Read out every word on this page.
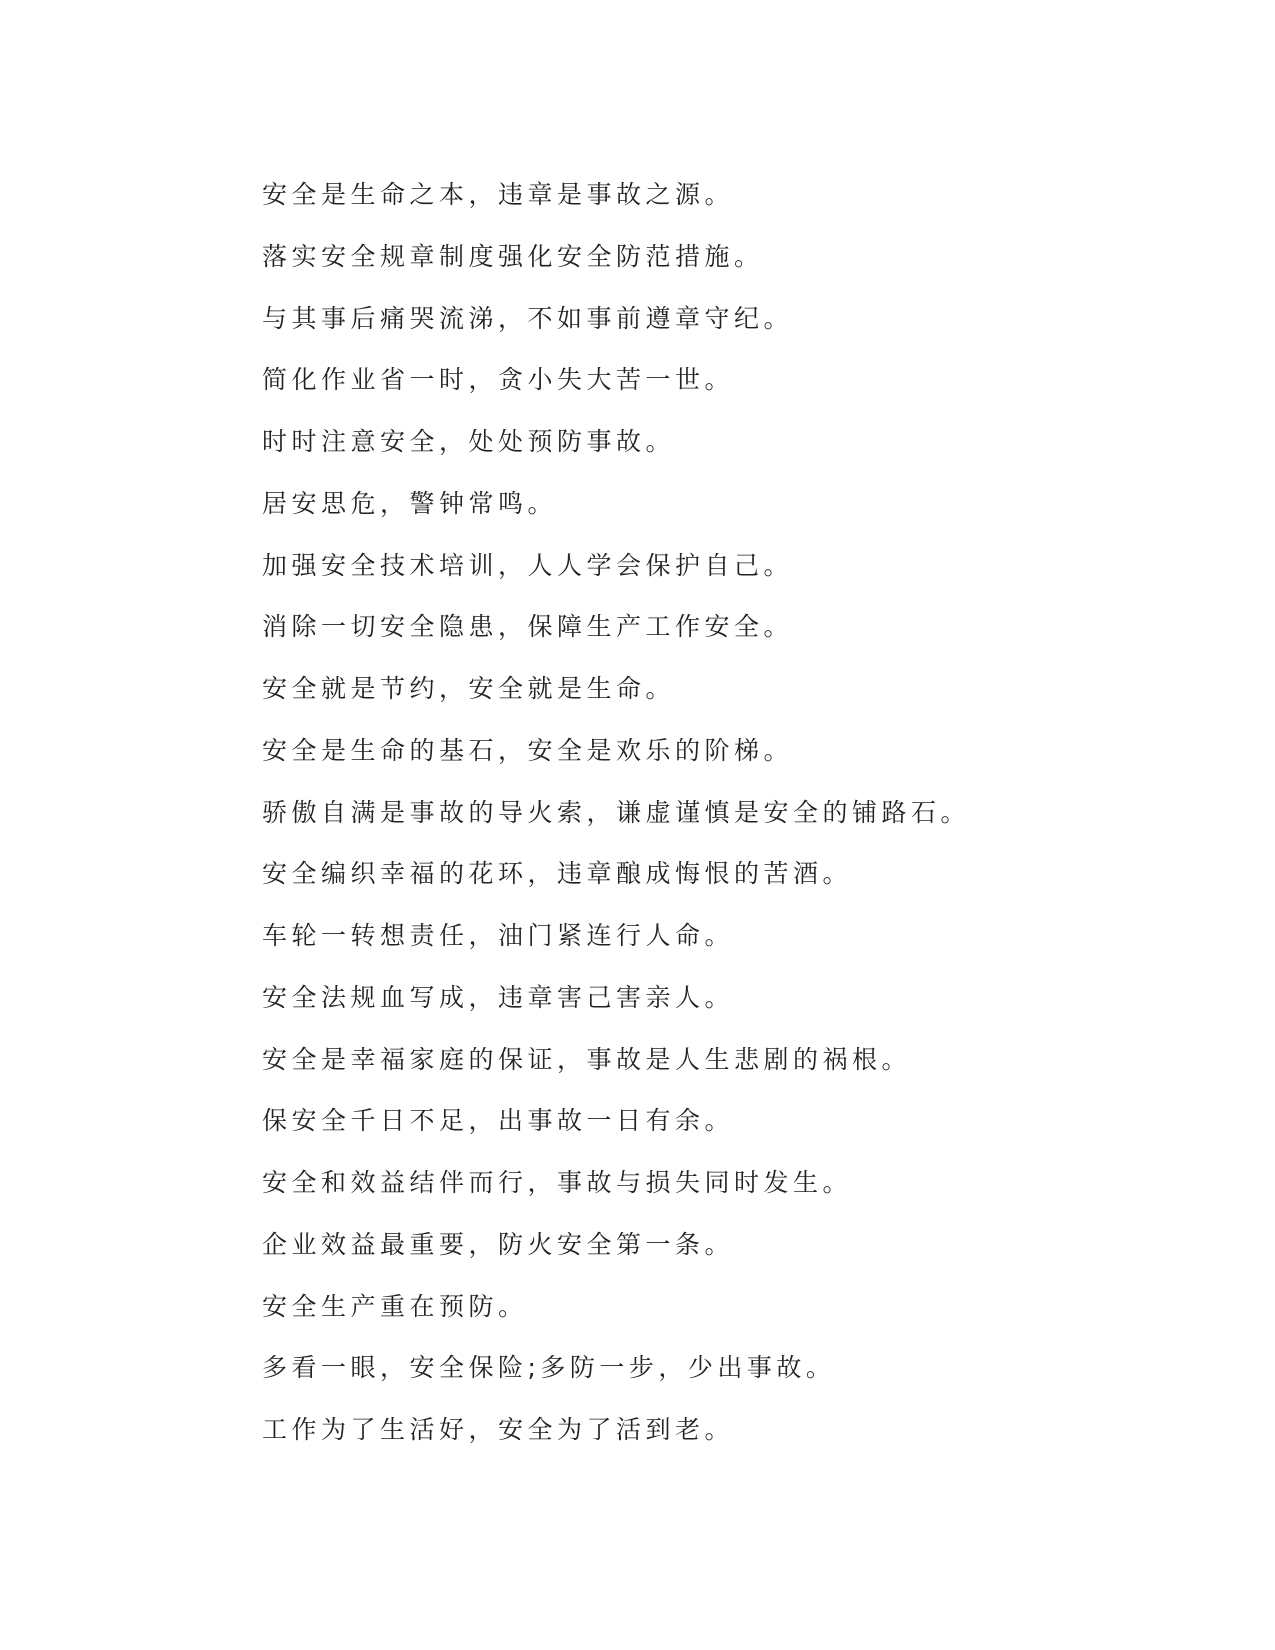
安全是生命之本，违章是事故之源。
落实安全规章制度强化安全防范措施。
与其事后痛哭流涕，不如事前遵章守纪。
简化作业省一时，贪小失大苦一世。
时时注意安全，处处预防事故。
居安思危，警钟常鸣。
加强安全技术培训，人人学会保护自己。
消除一切安全隐患，保障生产工作安全。
安全就是节约，安全就是生命。
安全是生命的基石，安全是欢乐的阶梯。
骄傲自满是事故的导火索，谦虚谨慎是安全的铺路石。
安全编织幸福的花环，违章酿成悔恨的苦酒。
车轮一转想责任，油门紧连行人命。
安全法规血写成，违章害己害亲人。
安全是幸福家庭的保证，事故是人生悲剧的祸根。
保安全千日不足，出事故一日有余。
安全和效益结伴而行，事故与损失同时发生。
企业效益最重要，防火安全第一条。
安全生产重在预防。
多看一眼，安全保险;多防一步，少出事故。
工作为了生活好，安全为了活到老。
